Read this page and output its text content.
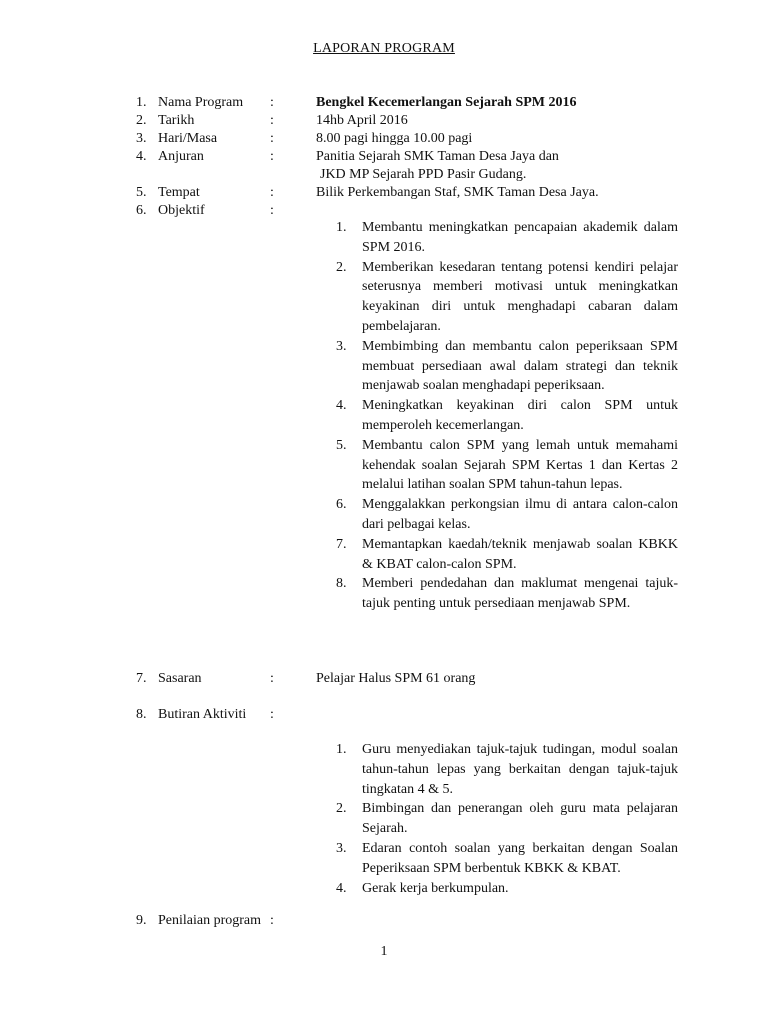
LAPORAN PROGRAM
1. Nama Program :	Bengkel Kecemerlangan Sejarah SPM 2016
2. Tarikh	:	14hb April 2016
3. Hari/Masa	:	8.00 pagi hingga 10.00 pagi
4. Anjuran	:	Panitia Sejarah SMK Taman Desa Jaya dan
JKD MP Sejarah PPD Pasir Gudang.
5. Tempat	:	Bilik Perkembangan Staf, SMK Taman Desa Jaya.
6. Objektif	:
1.	Membantu meningkatkan pencapaian akademik dalam SPM 2016.
2.	Memberikan kesedaran tentang potensi kendiri pelajar seterusnya memberi motivasi untuk meningkatkan keyakinan diri untuk menghadapi cabaran dalam pembelajaran.
3.	Membimbing dan membantu calon peperiksaan SPM membuat persediaan awal dalam strategi dan teknik menjawab soalan menghadapi peperiksaan.
4.	Meningkatkan keyakinan diri calon SPM untuk memperoleh kecemerlangan.
5.	Membantu calon SPM yang lemah untuk memahami kehendak soalan Sejarah SPM Kertas 1 dan Kertas 2 melalui latihan soalan SPM tahun-tahun lepas.
6.	Menggalakkan perkongsian ilmu di antara calon-calon dari pelbagai kelas.
7.	Memantapkan kaedah/teknik menjawab soalan KBKK & KBAT calon-calon SPM.
8.	Memberi pendedahan dan maklumat mengenai tajuk-tajuk penting untuk persediaan menjawab SPM.
7. Sasaran	:	Pelajar Halus SPM 61 orang
8. Butiran Aktiviti :
1.	Guru menyediakan tajuk-tajuk tudingan, modul soalan tahun-tahun lepas yang berkaitan dengan tajuk-tajuk tingkatan 4 & 5.
2.	Bimbingan dan penerangan oleh guru mata pelajaran Sejarah.
3.	Edaran contoh soalan yang berkaitan dengan Soalan Peperiksaan SPM berbentuk KBKK & KBAT.
4.	Gerak kerja berkumpulan.
9. Penilaian program :
1
